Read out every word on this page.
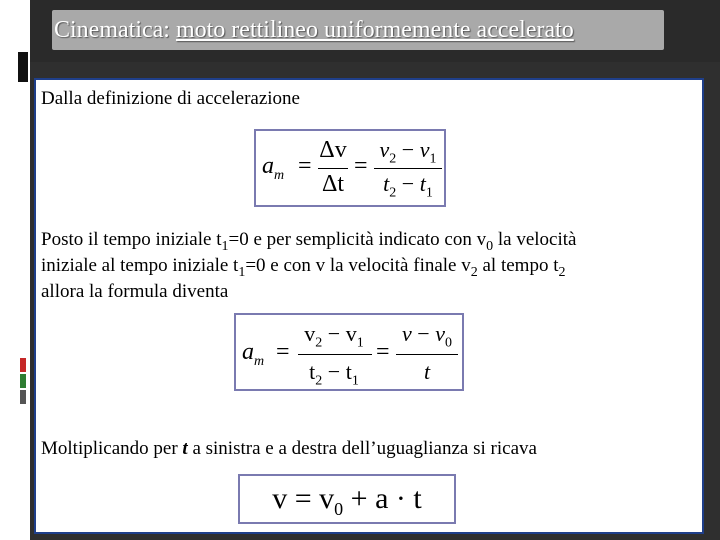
Cinematica: moto rettilineo uniformemente accelerato
Dalla definizione di accelerazione
$a_m$ =
Δv
Δt
=
$v_2 - v_1$
$t_2 - t_1$
Posto il tempo iniziale $t_1=0$ e per semplicità indicato con $v_0$ la velocità
iniziale al tempo iniziale $t_1=0$ e con v la velocità finale $v_2$ al tempo $t_2$
allora la formula diventa
$a_m$ =
$v_2 - v_1$
$t_2 - t_1$
=
$v - v_0$
t
Moltiplicando per t a sinistra e a destra dell’uguaglianza si ricava
$v = v_0 + a \cdot t$
